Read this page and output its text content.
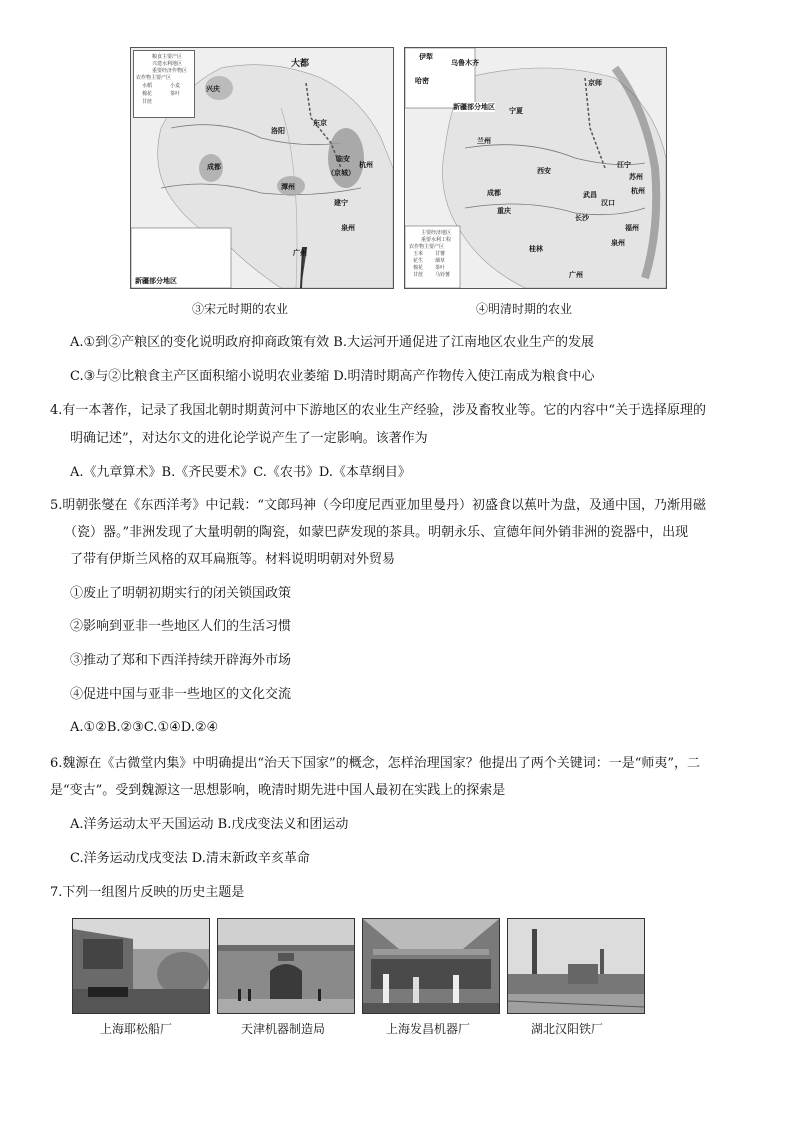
粮食主要产区
兴建水利地区
重要经济作物区
农作物主要产区
水稻	小麦
棉花	茶叶
甘蔗
大都
兴庆
东京
洛阳
成都
临安
杭州
泉州
建宁
潭州
广州
（京城）
新疆部分地区
③宋元时期的农业
新疆部分地区
主要经济地区
重要水利工程
农作物主要产区
玉米 甘薯
花生 烟草
棉花 茶叶
甘蔗 马铃薯
伊犁
乌鲁木齐
哈密	京师
西安
成都
重庆
桂林
广州
江宁
苏州
杭州
福州
泉州
长沙
武昌
汉口
宁夏
兰州
④明清时期的农业
A.①到②产粮区的变化说明政府抑商政策有效 B.大运河开通促进了江南地区农业生产的发展
C.③与②比粮食主产区面积缩小说明农业萎缩 D.明清时期高产作物传入使江南成为粮食中心
4.有一本著作，记录了我国北朝时期黄河中下游地区的农业生产经验，涉及畜牧业等。它的内容中“关于选择原理的
明确记述”，对达尔文的进化论学说产生了一定影响。该著作为
A.《九章算术》B.《齐民要术》C.《农书》D.《本草纲目》
5.明朝张燮在《东西洋考》中记载：“文郎玛神（今印度尼西亚加里曼丹）初盛食以蕉叶为盘，及通中国，乃渐用磁
（瓷）器。”非洲发现了大量明朝的陶瓷，如蒙巴萨发现的茶具。明朝永乐、宣德年间外销非洲的瓷器中，出现
了带有伊斯兰风格的双耳扁瓶等。材料说明明朝对外贸易
①废止了明朝初期实行的闭关锁国政策
②影响到亚非一些地区人们的生活习惯
③推动了郑和下西洋持续开辟海外市场
④促进中国与亚非一些地区的文化交流
A.①②B.②③C.①④D.②④
6.魏源在《古微堂内集》中明确提出“治天下国家”的概念，怎样治理国家？他提出了两个关键词：一是“师夷”，二
是“变古”。受到魏源这一思想影响，晚清时期先进中国人最初在实践上的探索是
A.洋务运动太平天国运动 B.戊戌变法义和团运动
C.洋务运动戊戌变法 D.清末新政辛亥革命
7.下列一组图片反映的历史主题是
上海耶松船厂	天津机器制造局	上海发昌机器厂	湖北汉阳铁厂
